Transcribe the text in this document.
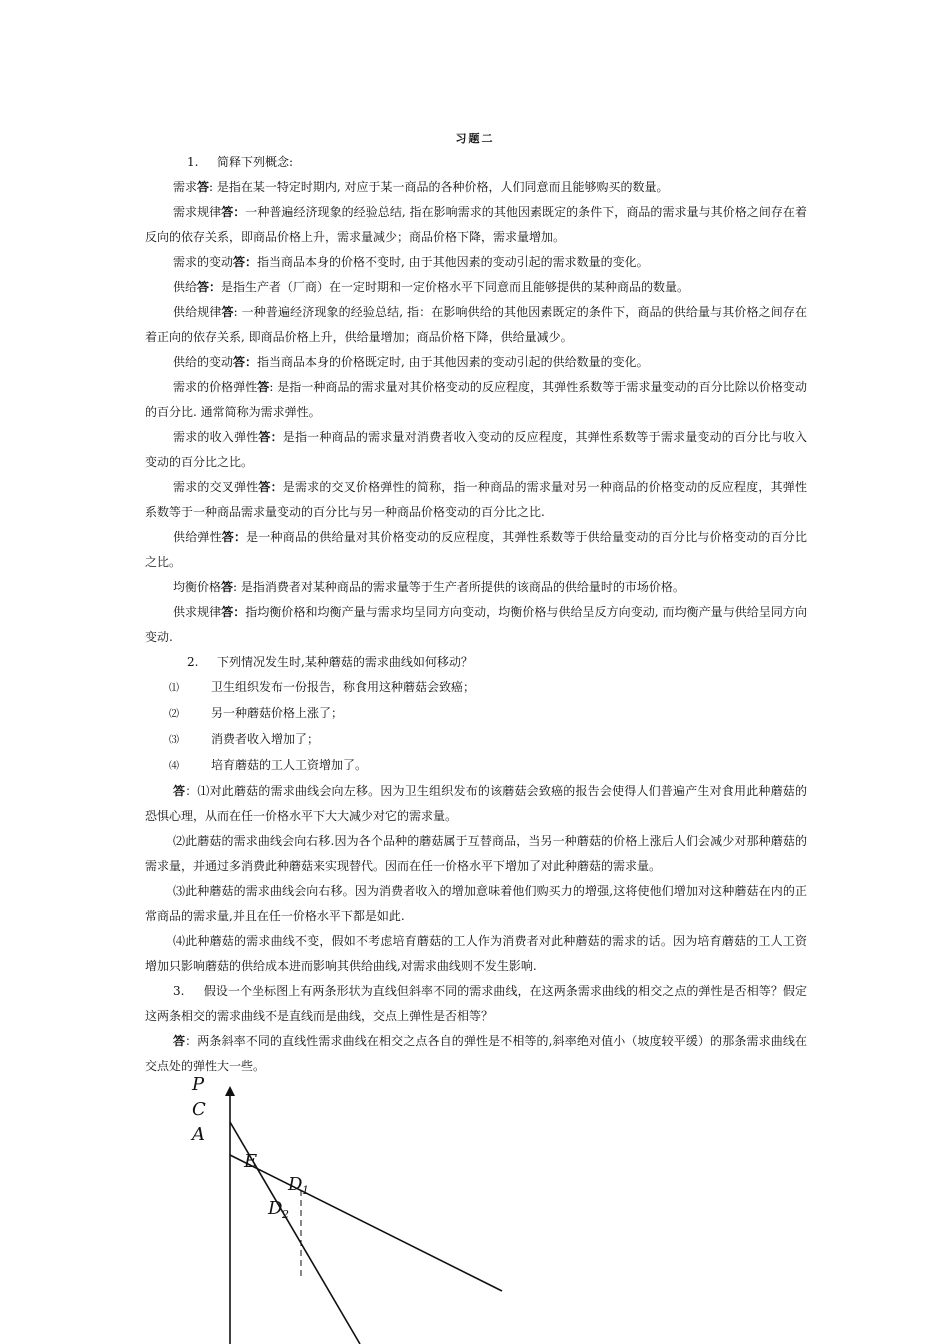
习题二

1. 简释下列概念:

需求答: 是指在某一特定时期内, 对应于某一商品的各种价格，人们同意而且能够购买的数量。

需求规律答：一种普遍经济现象的经验总结, 指在影响需求的其他因素既定的条件下，商品的需求量与其价格之间存在着反向的依存关系，即商品价格上升，需求量减少；商品价格下降，需求量增加。

需求的变动答：指当商品本身的价格不变时, 由于其他因素的变动引起的需求数量的变化。

供给答：是指生产者（厂商）在一定时期和一定价格水平下同意而且能够提供的某种商品的数量。

供给规律答: 一种普遍经济现象的经验总结, 指：在影响供给的其他因素既定的条件下，商品的供给量与其价格之间存在着正向的依存关系, 即商品价格上升，供给量增加；商品价格下降，供给量减少。

供给的变动答：指当商品本身的价格既定时, 由于其他因素的变动引起的供给数量的变化。

需求的价格弹性答: 是指一种商品的需求量对其价格变动的反应程度，其弹性系数等于需求量变动的百分比除以价格变动的百分比. 通常简称为需求弹性。

需求的收入弹性答：是指一种商品的需求量对消费者收入变动的反应程度，其弹性系数等于需求量变动的百分比与收入变动的百分比之比。

需求的交叉弹性答：是需求的交叉价格弹性的简称，指一种商品的需求量对另一种商品的价格变动的反应程度，其弹性系数等于一种商品需求量变动的百分比与另一种商品价格变动的百分比之比.

供给弹性答：是一种商品的供给量对其价格变动的反应程度，其弹性系数等于供给量变动的百分比与价格变动的百分比之比。

均衡价格答: 是指消费者对某种商品的需求量等于生产者所提供的该商品的供给量时的市场价格。

供求规律答：指均衡价格和均衡产量与需求均呈同方向变动，均衡价格与供给呈反方向变动, 而均衡产量与供给呈同方向变动.

2. 下列情况发生时,某种蘑菇的需求曲线如何移动？

⑴	卫生组织发布一份报告，称食用这种蘑菇会致癌；

⑵	另一种蘑菇价格上涨了；

⑶	消费者收入增加了；

⑷	培育蘑菇的工人工资增加了。

答：⑴对此蘑菇的需求曲线会向左移。因为卫生组织发布的该蘑菇会致癌的报告会使得人们普遍产生对食用此种蘑菇的恐惧心理，从而在任一价格水平下大大减少对它的需求量。

⑵此蘑菇的需求曲线会向右移.因为各个品种的蘑菇属于互替商品，当另一种蘑菇的价格上涨后人们会减少对那种蘑菇的需求量，并通过多消费此种蘑菇来实现替代。因而在任一价格水平下增加了对此种蘑菇的需求量。

⑶此种蘑菇的需求曲线会向右移。因为消费者收入的增加意味着他们购买力的增强,这将使他们增加对这种蘑菇在内的正常商品的需求量,并且在任一价格水平下都是如此.

⑷此种蘑菇的需求曲线不变，假如不考虑培育蘑菇的工人作为消费者对此种蘑菇的需求的话。因为培育蘑菇的工人工资增加只影响蘑菇的供给成本进而影响其供给曲线,对需求曲线则不发生影响.

3. 假设一个坐标图上有两条形状为直线但斜率不同的需求曲线，在这两条需求曲线的相交之点的弹性是否相等？假定这两条相交的需求曲线不是直线而是曲线，交点上弹性是否相等？

答：两条斜率不同的直线性需求曲线在相交之点各自的弹性是不相等的,斜率绝对值小（坡度较平缓）的那条需求曲线在交点处的弹性大一些。

P
C
A
E
D 1
D 2
